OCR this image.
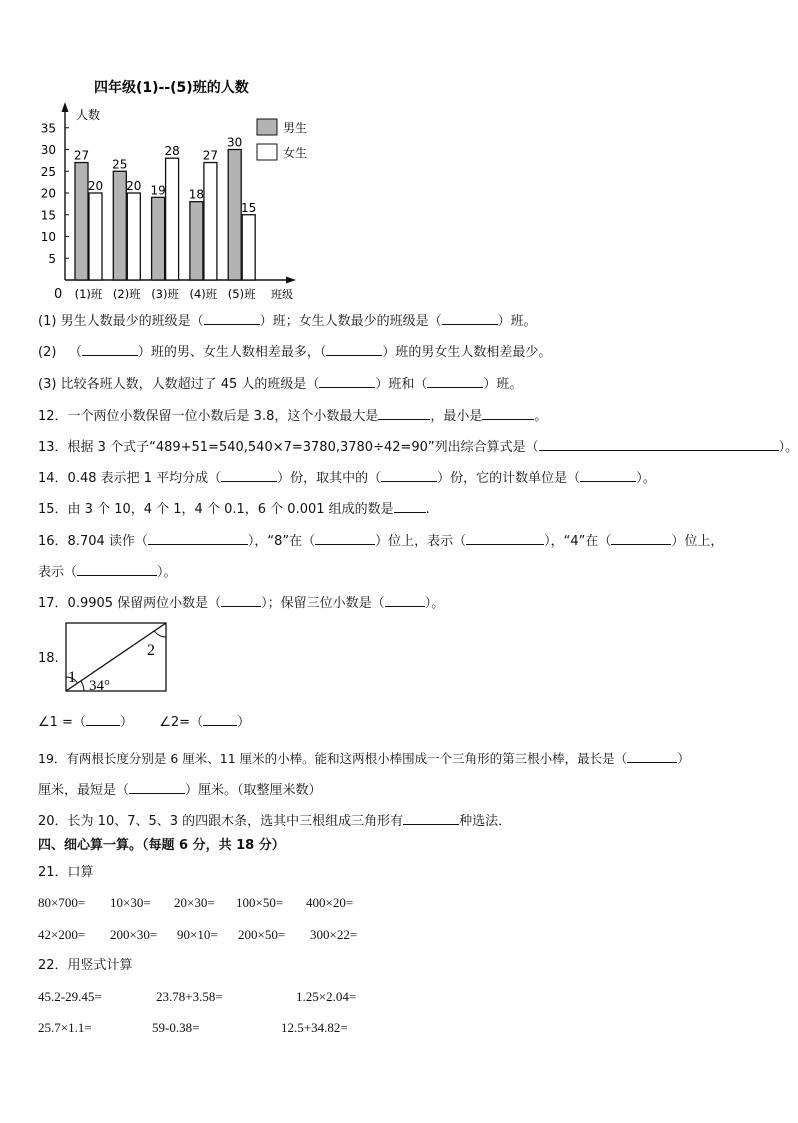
四年级(1)--(5)班的人数
人数
班级
0
5
10
15
20
25
30
35
27
20
25
20 19
28
18
27
30
15
(1)班 (2)班 (3)班 (4)班 (5)班
男生
女生
(1) 男生人数最少的班级是（	）班；女生人数最少的班级是（	）班。
(2) （	）班的男、女生人数相差最多，（	）班的男女生人数相差最少。
(3) 比较各班人数，人数超过了 45 人的班级是（	）班和（	）班。
12．一个两位小数保留一位小数后是 3.8，这个小数最大是	，最小是	。
13．根据 3 个式子“489+51=540,540×7=3780,3780÷42=90”列出综合算式是（	）。
14．0.48 表示把 1 平均分成（	）份，取其中的（	）份，它的计数单位是（	）。
15．由 3 个 10，4 个 1，4 个 0.1，6 个 0.001 组成的数是 .
16．8.704 读作（	），“8”在（	）位上，表示（	），“4”在（	）位上，
表示（	）。
17．0.9905 保留两位小数是（	）；保留三位小数是（	）。
18.
1 34°
2
∠1 =（	） ∠2=（	）
19．有两根长度分别是 6 厘米、11 厘米的小棒。能和这两根小棒围成一个三角形的第三根小棒，最长是（	）
厘米，最短是（	）厘米。（取整厘米数）
20．长为 10、7、5、3 的四跟木条，选其中三根组成三角形有	种选法．
四、细心算一算。（每题 6 分，共 18 分）
21．口算
80×700= 10×30= 20×30= 100×50= 400×20=
42×200= 200×30= 90×10= 200×50= 300×22=
22．用竖式计算
45.2-29.45=	23.78+3.58=	1.25×2.04=
25.7×1.1=	59-0.38=	12.5+34.82=
